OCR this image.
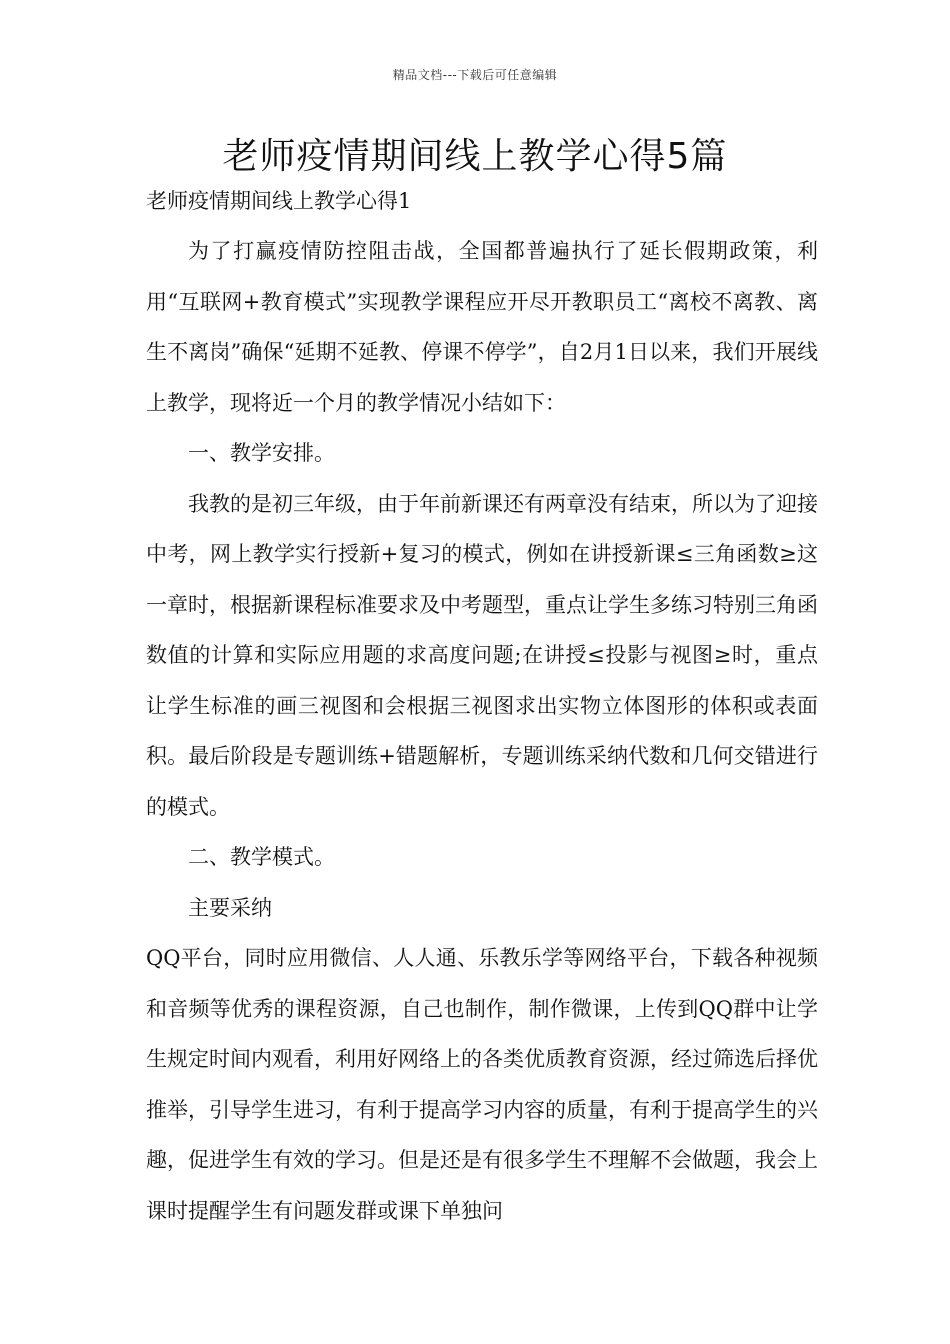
精品文档---下载后可任意编辑
老师疫情期间线上教学心得5篇

老师疫情期间线上教学心得1

为了打赢疫情防控阻击战，全国都普遍执行了延长假期政策，利用“互联网+教育模式”实现教学课程应开尽开教职员工“离校不离教、离生不离岗”确保“延期不延教、停课不停学”，自2月1日以来，我们开展线上教学，现将近一个月的教学情况小结如下：

一、教学安排。

我教的是初三年级，由于年前新课还有两章没有结束，所以为了迎接中考，网上教学实行授新+复习的模式，例如在讲授新课≤三角函数≥这一章时，根据新课程标准要求及中考题型，重点让学生多练习特别三角函数值的计算和实际应用题的求高度问题;在讲授≤投影与视图≥时，重点让学生标准的画三视图和会根据三视图求出实物立体图形的体积或表面积。最后阶段是专题训练+错题解析，专题训练采纳代数和几何交错进行的模式。

二、教学模式。

主要采纳

QQ平台，同时应用微信、人人通、乐教乐学等网络平台，下载各种视频和音频等优秀的课程资源，自己也制作，制作微课，上传到QQ群中让学生规定时间内观看，利用好网络上的各类优质教育资源，经过筛选后择优推举，引导学生进习，有利于提高学习内容的质量，有利于提高学生的兴趣，促进学生有效的学习。但是还是有很多学生不理解不会做题，我会上课时提醒学生有问题发群或课下单独问
